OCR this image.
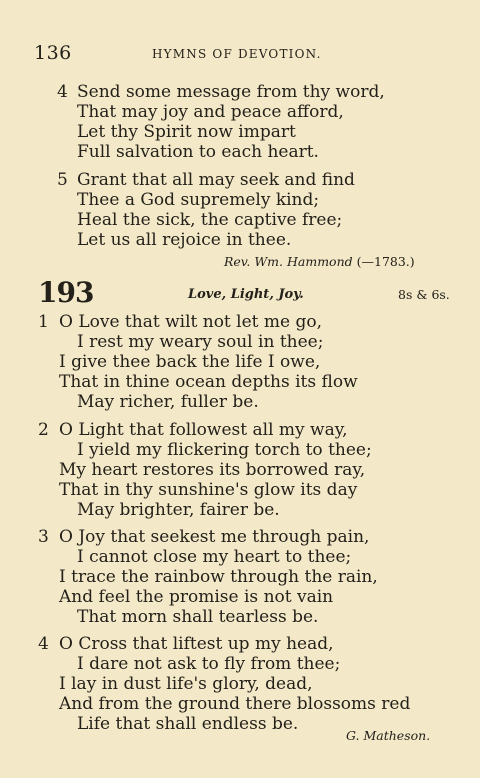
136	HYMNS OF DEVOTION.
4 Send some message from thy word,
That may joy and peace afford,
Let thy Spirit now impart
Full salvation to each heart.
5 Grant that all may seek and find
Thee a God supremely kind;
Heal the sick, the captive free;
Let us all rejoice in thee.
Rev. Wm. Hammond (—1783.)
193	Love, Light, Joy.	8s & 6s.
1 O Love that wilt not let me go,
I rest my weary soul in thee;
I give thee back the life I owe,
That in thine ocean depths its flow
May richer, fuller be.
2 O Light that followest all my way,
I yield my flickering torch to thee;
My heart restores its borrowed ray,
That in thy sunshine's glow its day
May brighter, fairer be.
3 O Joy that seekest me through pain,
I cannot close my heart to thee;
I trace the rainbow through the rain,
And feel the promise is not vain
That morn shall tearless be.
4 O Cross that liftest up my head,
I dare not ask to fly from thee;
I lay in dust life's glory, dead,
And from the ground there blossoms red
Life that shall endless be.
G. Matheson.
